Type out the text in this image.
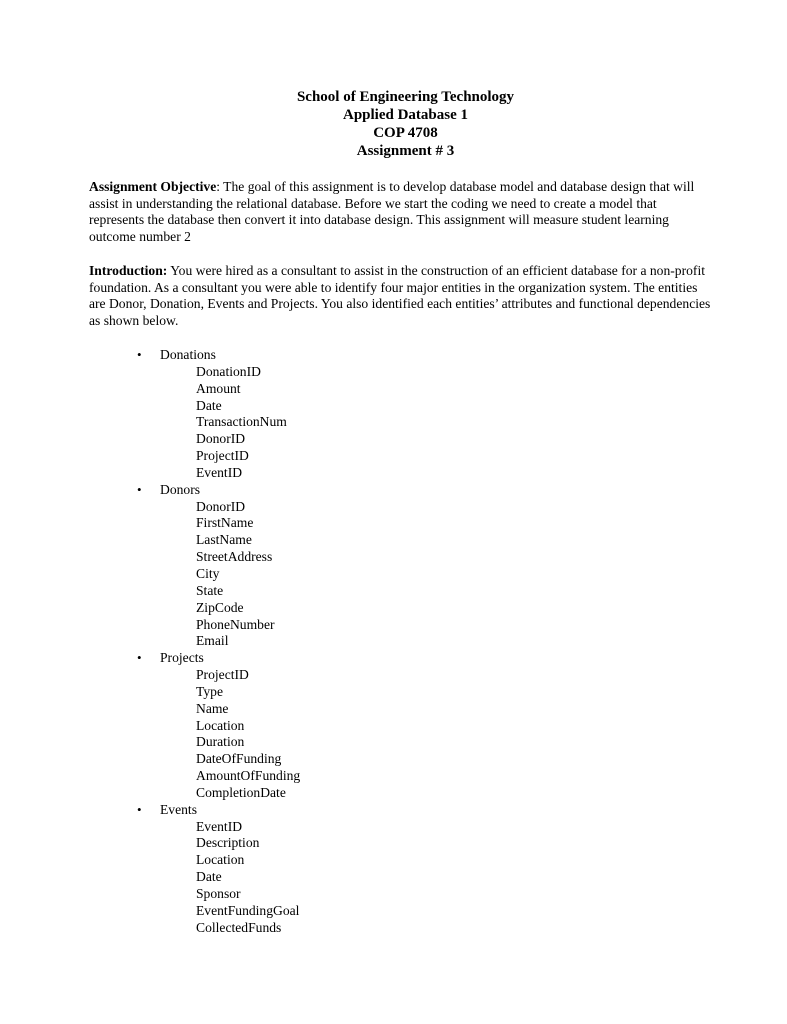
School of Engineering Technology
Applied Database 1
COP 4708
Assignment # 3
Assignment Objective: The goal of this assignment is to develop database model and database design that will assist in understanding the relational database. Before we start the coding we need to create a model that represents the database then convert it into database design. This assignment will measure student learning outcome number 2
Introduction: You were hired as a consultant to assist in the construction of an efficient database for a non-profit foundation. As a consultant you were able to identify four major entities in the organization system. The entities are Donor, Donation, Events and Projects. You also identified each entities’ attributes and functional dependencies as shown below.
• Donations
DonationID
Amount
Date
TransactionNum
DonorID
ProjectID
EventID
• Donors
DonorID
FirstName
LastName
StreetAddress
City
State
ZipCode
PhoneNumber
Email
• Projects
ProjectID
Type
Name
Location
Duration
DateOfFunding
AmountOfFunding
CompletionDate
• Events
EventID
Description
Location
Date
Sponsor
EventFundingGoal
CollectedFunds
